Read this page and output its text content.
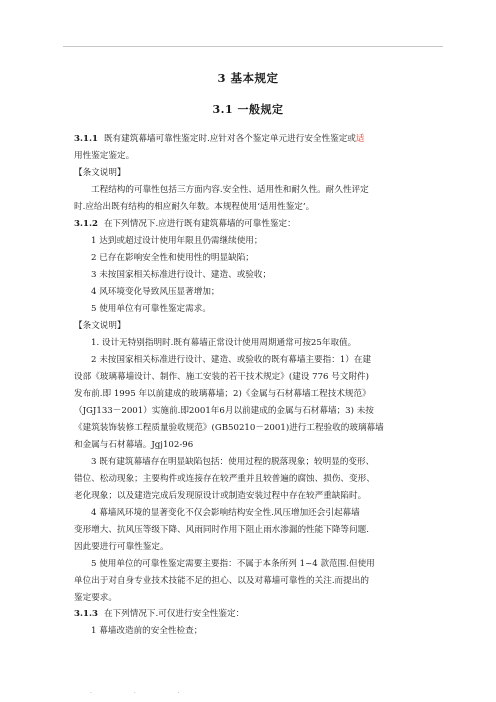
3 基本规定
3.1 一般规定
3.1.1 既有建筑幕墙可靠性鉴定时.应针对各个鉴定单元进行安全性鉴定或适
用性鉴定鉴定。
【条文说明】
工程结构的可靠性包括三方面内容.安全性、适用性和耐久性。耐久性评定
时.应给出既有结构的相应耐久年数。本规程使用‘适用性鉴定’。
3.1.2 在下列情况下.应进行既有建筑幕墙的可靠性鉴定：
1 达到或超过设计使用年限且仍需继续使用；
2 已存在影响安全性和使用性的明显缺陷；
3 未按国家相关标准进行设计、建造、或验收；
4 风环境变化导致风压显著增加；
5 使用单位有可靠性鉴定需求。
【条文说明】
1. 设计无特别指明时.既有幕墙正常设计使用周期通常可按25年取值。
2 未按国家相关标准进行设计、建造、或验收的既有幕墙主要指：1）在建
设部《玻璃幕墙设计、制作、施工安装的若干技术规定》(建设 776 号文附件)
发布前.即 1995 年以前建成的玻璃幕墙；2)《金属与石材幕墙工程技术规范》
（JGJ133－2001）实施前.即2001年6月以前建成的金属与石材幕墙；3) 未按
《建筑装饰装修工程质量验收规范》(GB50210－2001)进行工程验收的玻璃幕墙
和金属与石材幕墙。Jgj102-96
3 既有建筑幕墙存在明显缺陷包括：使用过程的脱落现象；较明显的变形、
错位、松动现象；主要构件或连接存在较严重并且较普遍的腐蚀、损伤、变形、
老化现象；以及建造完成后发现原设计或制造安装过程中存在较严重缺陷时。
4 幕墙风环境的显著变化不仅会影响结构安全性.风压增加还会引起幕墙
变形增大、抗风压等级下降、风雨同时作用下阻止雨水渗漏的性能下降等问题.
因此要进行可靠性鉴定。
5 使用单位的可靠性鉴定需要主要指：不属于本条所列 1~4 款范围.但使用
单位出于对自身专业技术技能不足的担心、以及对幕墙可靠性的关注.而提出的
鉴定要求。
3.1.3 在下列情况下.可仅进行安全性鉴定：
1 幕墙改造前的安全性检查；
· · ·
